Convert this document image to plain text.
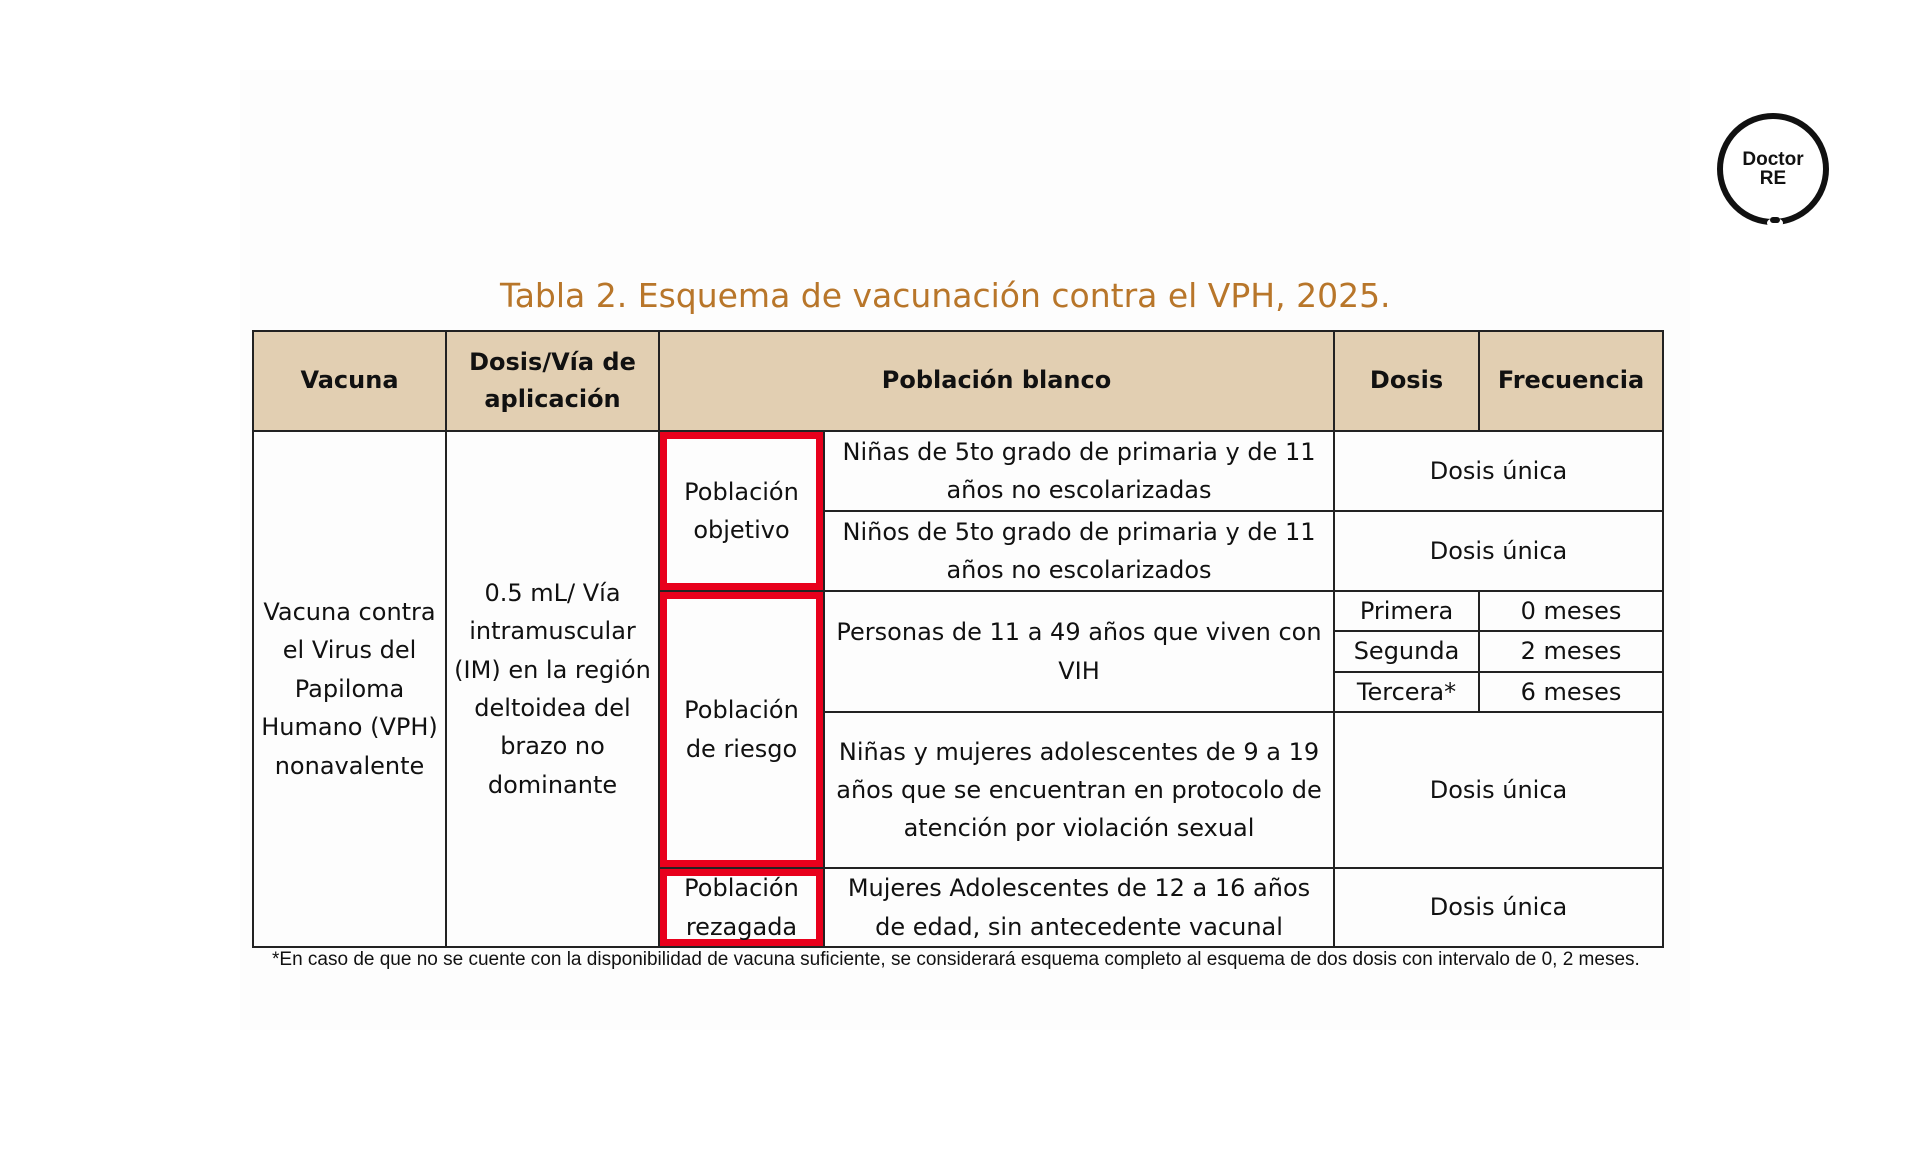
Doctor
RE
Tabla 2. Esquema de vacunación contra el VPH, 2025.
Vacuna	Dosis/Vía de aplicación	Población blanco		Dosis	Frecuencia
Vacuna contra el Virus del Papiloma Humano (VPH) nonavalente	0.5 mL/ Vía intramuscular (IM) en la región deltoidea del brazo no dominante	Población objetivo	Niñas de 5to grado de primaria y de 11 años no escolarizadas	Dosis única	
			Niños de 5to grado de primaria y de 11 años no escolarizados	Dosis única	
		Población de riesgo	Personas de 11 a 49 años que viven con VIH	Primera	0 meses
				Segunda	2 meses
				Tercera*	6 meses
			Niñas y mujeres adolescentes de 9 a 19 años que se encuentran en protocolo de atención por violación sexual	Dosis única	
		Población rezagada	Mujeres Adolescentes de 12 a 16 años de edad, sin antecedente vacunal	Dosis única	
*En caso de que no se cuente con la disponibilidad de vacuna suficiente, se considerará esquema completo al esquema de dos dosis con intervalo de 0, 2 meses.
